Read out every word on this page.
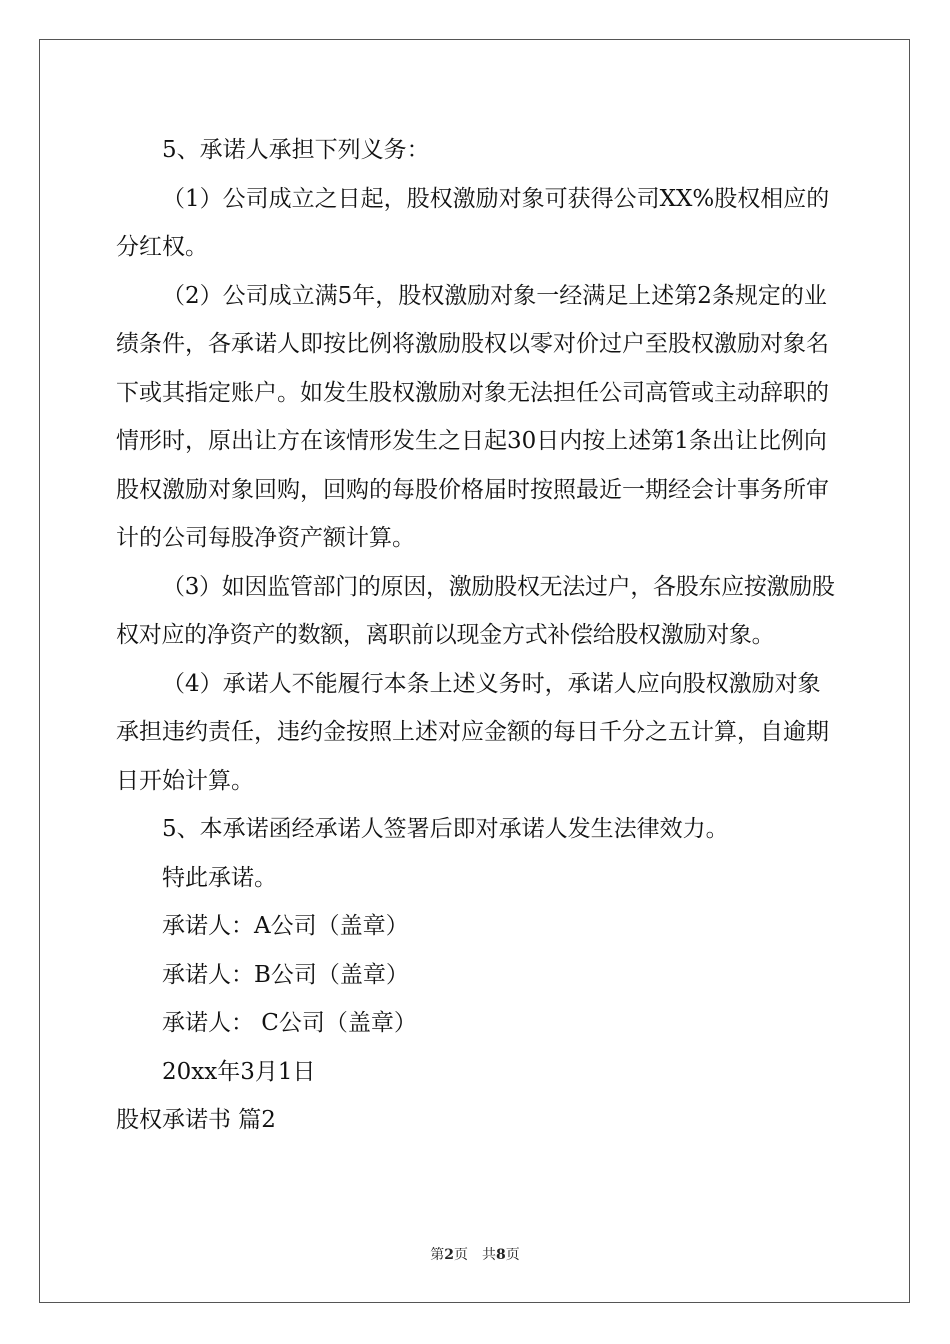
5、承诺人承担下列义务：

（1）公司成立之日起，股权激励对象可获得公司XX%股权相应的分红权。

（2）公司成立满5年，股权激励对象一经满足上述第2条规定的业绩条件，各承诺人即按比例将激励股权以零对价过户至股权激励对象名下或其指定账户。如发生股权激励对象无法担任公司高管或主动辞职的情形时，原出让方在该情形发生之日起30日内按上述第1条出让比例向股权激励对象回购，回购的每股价格届时按照最近一期经会计事务所审计的公司每股净资产额计算。

（3）如因监管部门的原因，激励股权无法过户，各股东应按激励股权对应的净资产的数额，离职前以现金方式补偿给股权激励对象。

（4）承诺人不能履行本条上述义务时，承诺人应向股权激励对象承担违约责任，违约金按照上述对应金额的每日千分之五计算，自逾期日开始计算。

5、本承诺函经承诺人签署后即对承诺人发生法律效力。

特此承诺。

承诺人：A公司（盖章）

承诺人：B公司（盖章）

承诺人： C公司（盖章）

20xx年3月1日

股权承诺书 篇2

第2页　共8页
